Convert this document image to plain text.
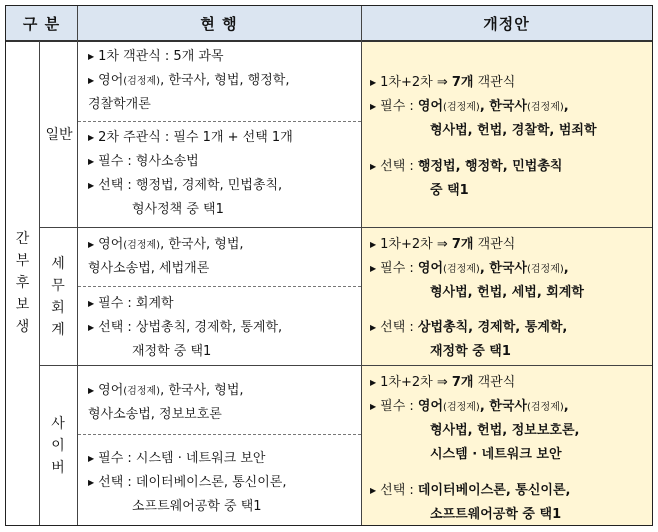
구 분	현 행	개정안
간
부
후
보
생
일반
세
무
회
계
사
이
버
▶ 1차 객관식 : 5개 과목
▶ 영어(검정제), 한국사, 형법, 행정학,
경찰학개론
▶ 2차 주관식 : 필수 1개 + 선택 1개
▶ 필수 : 형사소송법
▶ 선택 : 행정법, 경제학, 민법총칙,
형사정책 중 택1
▶ 1차+2차 ⇒ 7개 객관식
▶ 필수 : 영어(검정제), 한국사(검정제),
형사법, 헌법, 경찰학, 범죄학
▶ 선택 : 행정법, 행정학, 민법총칙
중 택1
▶ 영어(검정제), 한국사, 형법,
형사소송법, 세법개론
▶ 필수 : 회계학
▶ 선택 : 상법총칙, 경제학, 통계학,
재정학 중 택1
▶ 1차+2차 ⇒ 7개 객관식
▶ 필수 : 영어(검정제), 한국사(검정제),
형사법, 헌법, 세법, 회계학
▶ 선택 : 상법총칙, 경제학, 통계학,
재정학 중 택1
▶ 영어(검정제), 한국사, 형법,
형사소송법, 정보보호론
▶ 필수 : 시스템 · 네트워크 보안
▶ 선택 : 데이터베이스론, 통신이론,
소프트웨어공학 중 택1
▶ 1차+2차 ⇒ 7개 객관식
▶ 필수 : 영어(검정제), 한국사(검정제),
형사법, 헌법, 정보보호론,
시스템 · 네트워크 보안
▶ 선택 : 데이터베이스론, 통신이론,
소프트웨어공학 중 택1
